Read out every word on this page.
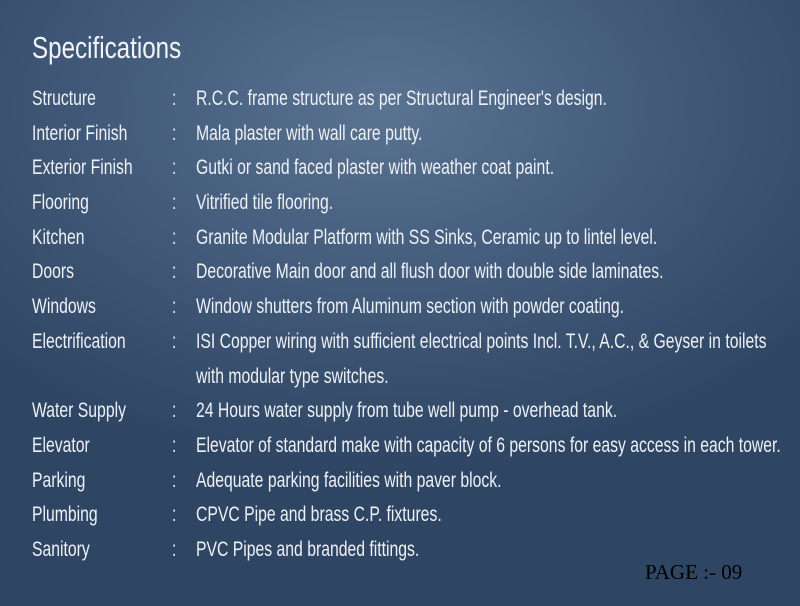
Specifications
Structure	: R.C.C. frame structure as per Structural Engineer's design.
Interior Finish : Mala plaster with wall care putty.
Exterior Finish : Gutki or sand faced plaster with weather coat paint.
Flooring	: Vitrified tile flooring.
Kitchen	: Granite Modular Platform with SS Sinks, Ceramic up to lintel level.
Doors	: Decorative Main door and all flush door with double side laminates.
Windows	: Window shutters from Aluminum section with powder coating.
Electrification : ISI Copper wiring with sufficient electrical points Incl. T.V., A.C., & Geyser in toilets
with modular type switches.
Water Supply : 24 Hours water supply from tube well pump - overhead tank.
Elevator	: Elevator of standard make with capacity of 6 persons for easy access in each tower.
Parking	: Adequate parking facilities with paver block.
Plumbing	: CPVC Pipe and brass C.P. fixtures.
Sanitory	: PVC Pipes and branded fittings.
PAGE :- 09
